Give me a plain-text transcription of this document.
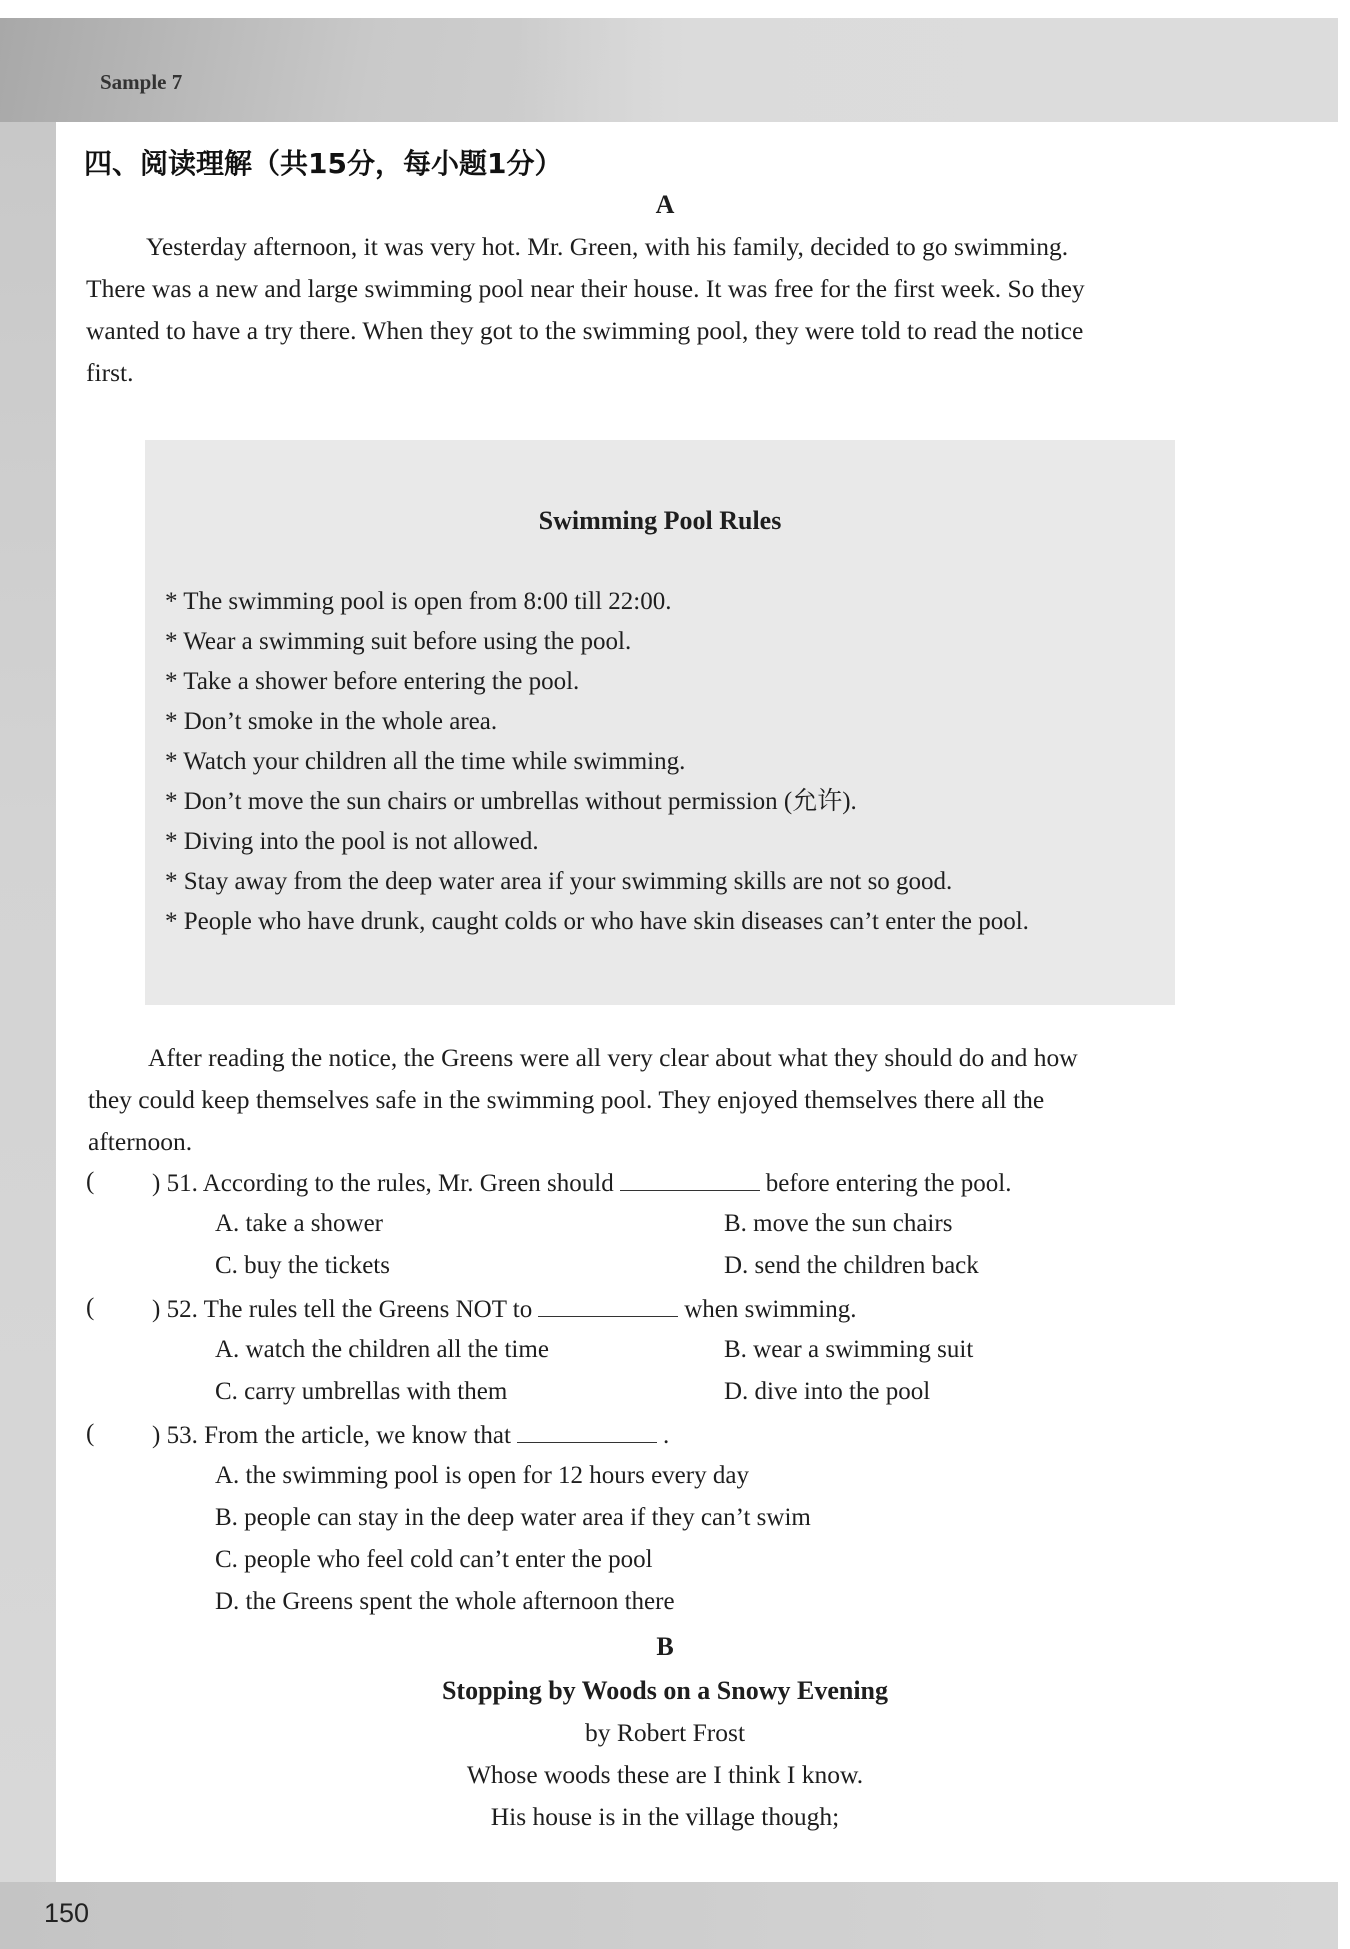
Sample 7
150
四、阅读理解（共15分，每小题1分）
A
Yesterday afternoon, it was very hot. Mr. Green, with his family, decided to go swimming.
There was a new and large swimming pool near their house. It was free for the first week. So they
wanted to have a try there. When they got to the swimming pool, they were told to read the notice
first.
Swimming Pool Rules
* The swimming pool is open from 8:00 till 22:00.
* Wear a swimming suit before using the pool.
* Take a shower before entering the pool.
* Don’t smoke in the whole area.
* Watch your children all the time while swimming.
* Don’t move the sun chairs or umbrellas without permission (允许).
* Diving into the pool is not allowed.
* Stay away from the deep water area if your swimming skills are not so good.
* People who have drunk, caught colds or who have skin diseases can’t enter the pool.
After reading the notice, the Greens were all very clear about what they should do and how
they could keep themselves safe in the swimming pool. They enjoyed themselves there all the
afternoon.
( ) 51. According to the rules, Mr. Green should	before entering the pool.
A. take a shower	B. move the sun chairs
C. buy the tickets	D. send the children back
( ) 52. The rules tell the Greens NOT to	when swimming.
A. watch the children all the time	B. wear a swimming suit
C. carry umbrellas with them	D. dive into the pool
( ) 53. From the article, we know that	.
A. the swimming pool is open for 12 hours every day
B. people can stay in the deep water area if they can’t swim
C. people who feel cold can’t enter the pool
D. the Greens spent the whole afternoon there
B
Stopping by Woods on a Snowy Evening
by Robert Frost
Whose woods these are I think I know.
His house is in the village though;
